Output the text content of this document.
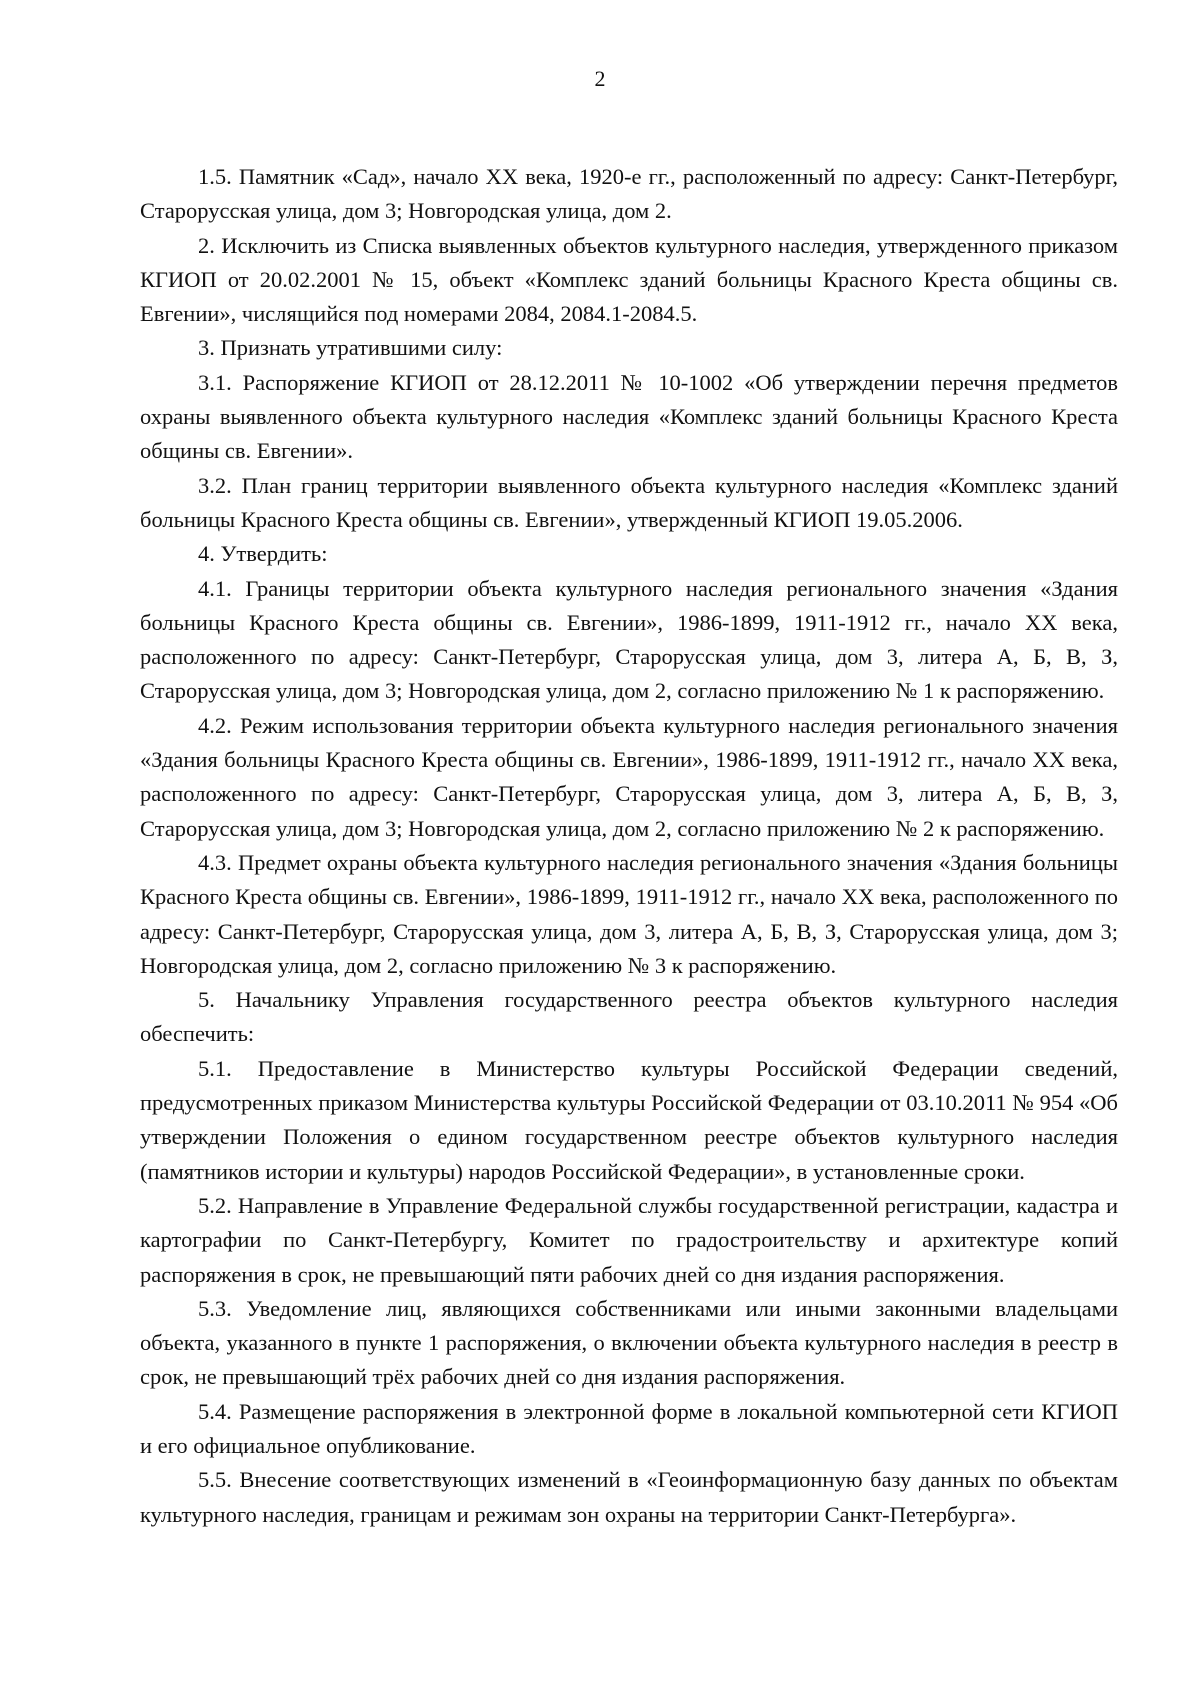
2

1.5. Памятник «Сад», начало XX века, 1920-е гг., расположенный по адресу: Санкт-Петербург, Старорусская улица, дом 3; Новгородская улица, дом 2.

2. Исключить из Списка выявленных объектов культурного наследия, утвержденного приказом КГИОП от 20.02.2001 № 15, объект «Комплекс зданий больницы Красного Креста общины св. Евгении», числящийся под номерами 2084, 2084.1-2084.5.

3. Признать утратившими силу:

3.1. Распоряжение КГИОП от 28.12.2011 № 10-1002 «Об утверждении перечня предметов охраны выявленного объекта культурного наследия «Комплекс зданий больницы Красного Креста общины св. Евгении».

3.2. План границ территории выявленного объекта культурного наследия «Комплекс зданий больницы Красного Креста общины св. Евгении», утвержденный КГИОП 19.05.2006.

4. Утвердить:

4.1. Границы территории объекта культурного наследия регионального значения «Здания больницы Красного Креста общины св. Евгении», 1986-1899, 1911-1912 гг., начало XX века, расположенного по адресу: Санкт-Петербург, Старорусская улица, дом 3, литера А, Б, В, З, Старорусская улица, дом 3; Новгородская улица, дом 2, согласно приложению № 1 к распоряжению.

4.2. Режим использования территории объекта культурного наследия регионального значения «Здания больницы Красного Креста общины св. Евгении», 1986-1899, 1911-1912 гг., начало XX века, расположенного по адресу: Санкт-Петербург, Старорусская улица, дом 3, литера А, Б, В, З, Старорусская улица, дом 3; Новгородская улица, дом 2, согласно приложению № 2 к распоряжению.

4.3. Предмет охраны объекта культурного наследия регионального значения «Здания больницы Красного Креста общины св. Евгении», 1986-1899, 1911-1912 гг., начало XX века, расположенного по адресу: Санкт-Петербург, Старорусская улица, дом 3, литера А, Б, В, З, Старорусская улица, дом 3; Новгородская улица, дом 2, согласно приложению № 3 к распоряжению.

5. Начальнику Управления государственного реестра объектов культурного наследия обеспечить:

5.1. Предоставление в Министерство культуры Российской Федерации сведений, предусмотренных приказом Министерства культуры Российской Федерации от 03.10.2011 № 954 «Об утверждении Положения о едином государственном реестре объектов культурного наследия (памятников истории и культуры) народов Российской Федерации», в установленные сроки.

5.2. Направление в Управление Федеральной службы государственной регистрации, кадастра и картографии по Санкт-Петербургу, Комитет по градостроительству и архитектуре копий распоряжения в срок, не превышающий пяти рабочих дней со дня издания распоряжения.

5.3. Уведомление лиц, являющихся собственниками или иными законными владельцами объекта, указанного в пункте 1 распоряжения, о включении объекта культурного наследия в реестр в срок, не превышающий трёх рабочих дней со дня издания распоряжения.

5.4. Размещение распоряжения в электронной форме в локальной компьютерной сети КГИОП и его официальное опубликование.

5.5. Внесение соответствующих изменений в «Геоинформационную базу данных по объектам культурного наследия, границам и режимам зон охраны на территории Санкт-Петербурга».
